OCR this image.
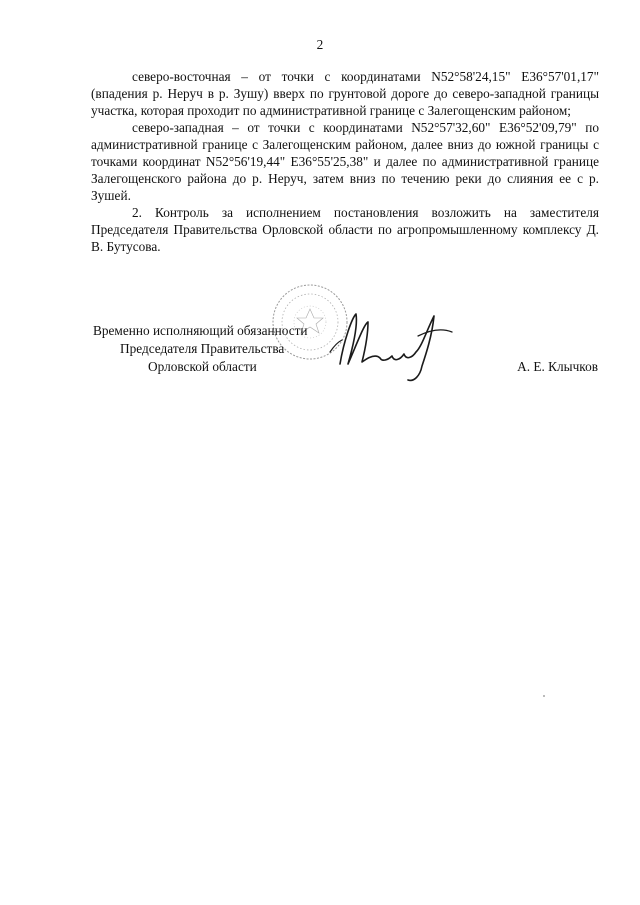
2

северо-восточная – от точки с координатами N52°58'24,15" E36°57'01,17" (впадения р. Неруч в р. Зушу) вверх по грунтовой дороге до северо-западной границы участка, которая проходит по административной границе с Залегощенским районом;

северо-западная – от точки с координатами N52°57'32,60" E36°52'09,79" по административной границе с Залегощенским районом, далее вниз до южной границы с точками координат N52°56'19,44" E36°55'25,38" и далее по административной границе Залегощенского района до р. Неруч, затем вниз по течению реки до слияния ее с р. Зушей.

2. Контроль за исполнением постановления возложить на заместителя Председателя Правительства Орловской области по агропромышленному комплексу Д. В. Бутусова.

Временно исполняющий обязанности
Председателя Правительства
Орловской области	А. Е. Клычков
